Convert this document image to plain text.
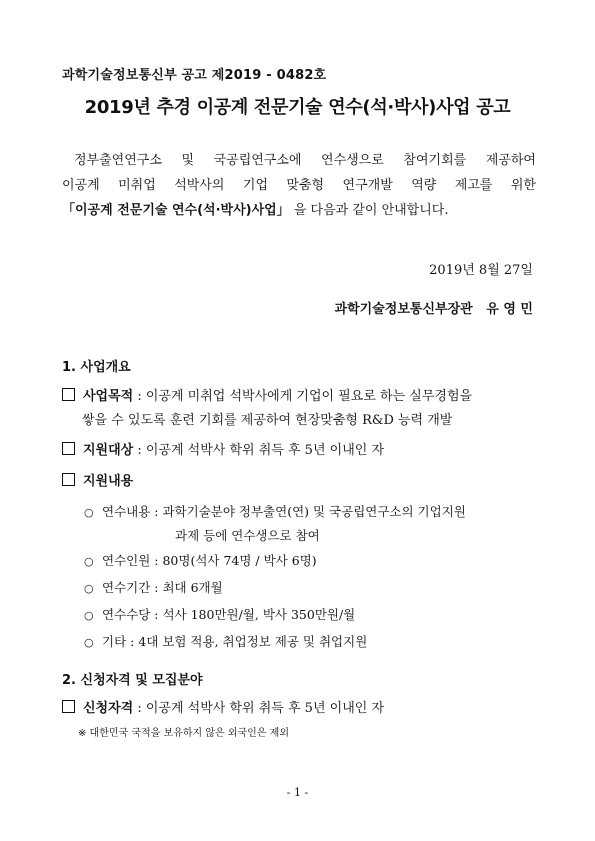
과학기술정보통신부 공고 제2019 - 0482호
2019년 추경 이공계 전문기술 연수(석·박사)사업 공고
정부출연연구소 및 국공립연구소에 연수생으로 참여기회를 제공하여
이공계 미취업 석박사의 기업 맞춤형 연구개발 역량 제고를 위한
「이공계 전문기술 연수(석·박사)사업」 을 다음과 같이 안내합니다.
2019년 8월 27일
과학기술정보통신부장관   유 영 민
1. 사업개요
사업목적 : 이공계 미취업 석박사에게 기업이 필요로 하는 실무경험을
쌓을 수 있도록 훈련 기회를 제공하여 현장맞춤형 R&D 능력 개발
지원대상 : 이공계 석박사 학위 취득 후 5년 이내인 자
지원내용
○ 연수내용 : 과학기술분야 정부출연(연) 및 국공립연구소의 기업지원
과제 등에 연수생으로 참여
○ 연수인원 : 80명(석사 74명 / 박사 6명)
○ 연수기간 : 최대 6개월
○ 연수수당 : 석사 180만원/월, 박사 350만원/월
○ 기타 : 4대 보험 적용, 취업정보 제공 및 취업지원
2. 신청자격 및 모집분야
신청자격 : 이공계 석박사 학위 취득 후 5년 이내인 자
※ 대한민국 국적을 보유하지 않은 외국인은 제외
- 1 -
